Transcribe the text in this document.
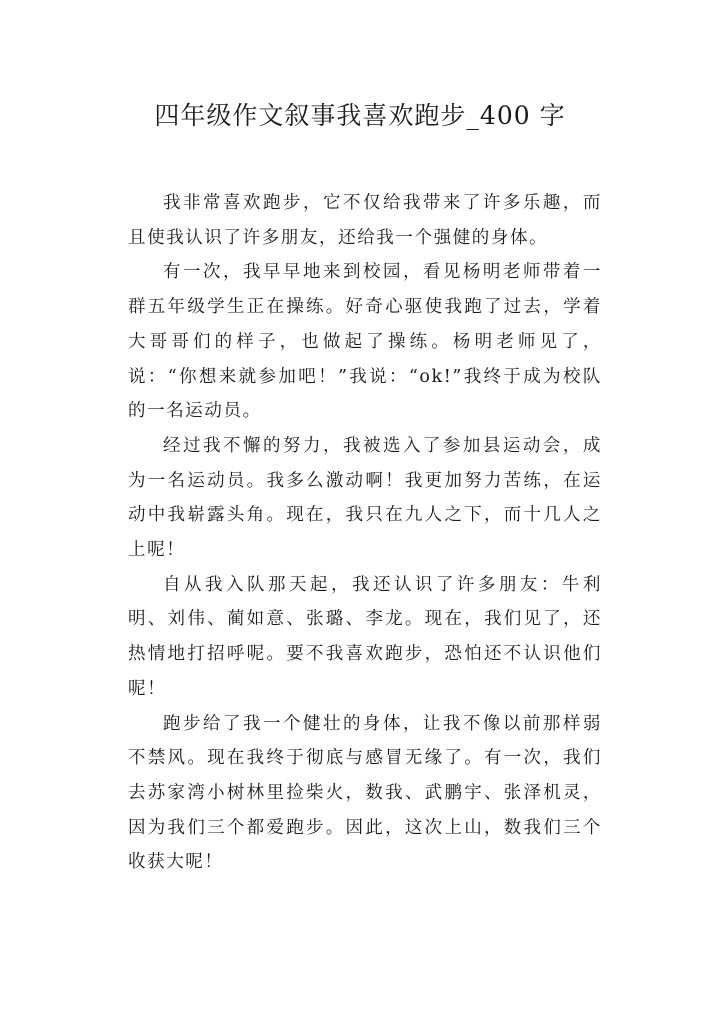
四年级作文叙事我喜欢跑步_400 字

我非常喜欢跑步，它不仅给我带来了许多乐趣，而且使我认识了许多朋友，还给我一个强健的身体。

有一次，我早早地来到校园，看见杨明老师带着一群五年级学生正在操练。好奇心驱使我跑了过去，学着大哥哥们的样子，也做起了操练。杨明老师见了，说：“你想来就参加吧！”我说：“ok!”我终于成为校队的一名运动员。

经过我不懈的努力，我被选入了参加县运动会，成为一名运动员。我多么激动啊！我更加努力苦练，在运动中我崭露头角。现在，我只在九人之下，而十几人之上呢！

自从我入队那天起，我还认识了许多朋友：牛利明、刘伟、蔺如意、张璐、李龙。现在，我们见了，还热情地打招呼呢。要不我喜欢跑步，恐怕还不认识他们呢！

跑步给了我一个健壮的身体，让我不像以前那样弱不禁风。现在我终于彻底与感冒无缘了。有一次，我们去苏家湾小树林里捡柴火，数我、武鹏宇、张泽机灵，因为我们三个都爱跑步。因此，这次上山，数我们三个收获大呢！
